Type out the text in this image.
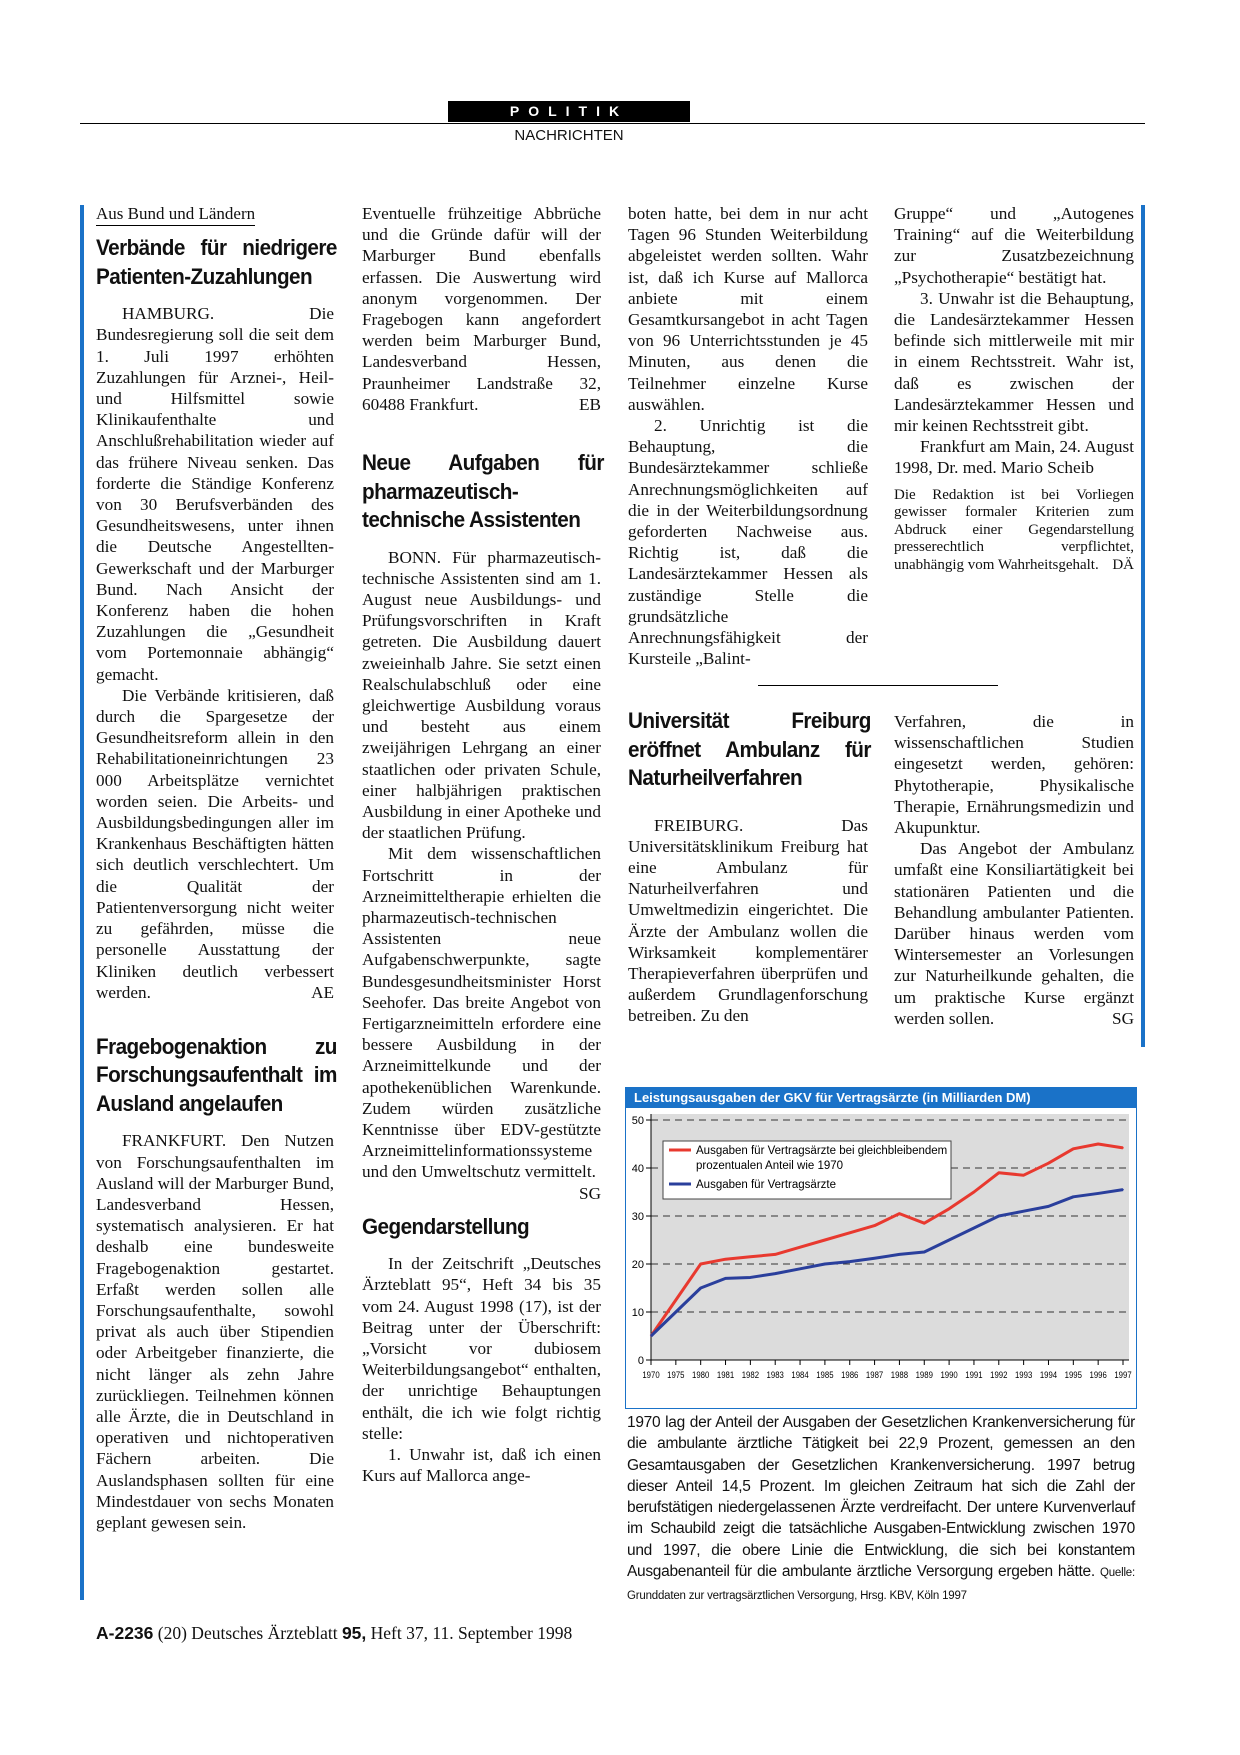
POLITIK
NACHRICHTEN
Aus Bund und Ländern
Verbände für niedrigere Patienten-Zuzahlungen

HAMBURG. Die Bundesregierung soll die seit dem 1. Juli 1997 erhöhten Zuzahlungen für Arznei-, Heil- und Hilfsmittel sowie Klinikaufenthalte und Anschlußrehabilitation wieder auf das frühere Niveau senken. Das forderte die Ständige Konferenz von 30 Berufsverbänden des Gesundheitswesens, unter ihnen die Deutsche Angestellten-Gewerkschaft und der Marburger Bund. Nach Ansicht der Konferenz haben die hohen Zuzahlungen die „Gesundheit vom Portemonnaie abhängig“ gemacht.

Die Verbände kritisieren, daß durch die Spargesetze der Gesundheitsreform allein in den Rehabilitationeinrichtungen 23 000 Arbeitsplätze vernichtet worden seien. Die Arbeits- und Ausbildungsbedingungen aller im Krankenhaus Beschäftigten hätten sich deutlich verschlechtert. Um die Qualität der Patientenversorgung nicht weiter zu gefährden, müsse die personelle Ausstattung der Kliniken deutlich verbessert werden.	AE

Fragebogenaktion zu Forschungsaufenthalt im Ausland angelaufen

FRANKFURT. Den Nutzen von Forschungsaufenthalten im Ausland will der Marburger Bund, Landesverband Hessen, systematisch analysieren. Er hat deshalb eine bundesweite Fragebogenaktion gestartet. Erfaßt werden sollen alle Forschungsaufenthalte, sowohl privat als auch über Stipendien oder Arbeitgeber finanzierte, die nicht länger als zehn Jahre zurückliegen. Teilnehmen können alle Ärzte, die in Deutschland in operativen und nichtoperativen Fächern arbeiten. Die Auslandsphasen sollten für eine Mindestdauer von sechs Monaten geplant gewesen sein.

Eventuelle frühzeitige Abbrüche und die Gründe dafür will der Marburger Bund ebenfalls erfassen. Die Auswertung wird anonym vorgenommen. Der Fragebogen kann angefordert werden beim Marburger Bund, Landesverband Hessen, Praunheimer Landstraße 32, 60488 Frankfurt.	EB

Neue Aufgaben für pharmazeutisch-technische Assistenten

BONN. Für pharmazeutisch-technische Assistenten sind am 1. August neue Ausbildungs- und Prüfungsvorschriften in Kraft getreten. Die Ausbildung dauert zweieinhalb Jahre. Sie setzt einen Realschulabschluß oder eine gleichwertige Ausbildung voraus und besteht aus einem zweijährigen Lehrgang an einer staatlichen oder privaten Schule, einer halbjährigen praktischen Ausbildung in einer Apotheke und der staatlichen Prüfung.

Mit dem wissenschaftlichen Fortschritt in der Arzneimitteltherapie erhielten die pharmazeutisch-technischen Assistenten neue Aufgabenschwerpunkte, sagte Bundesgesundheitsminister Horst Seehofer. Das breite Angebot von Fertigarzneimitteln erfordere eine bessere Ausbildung in der Arzneimittelkunde und der apothekenüblichen Warenkunde. Zudem würden zusätzliche Kenntnisse über EDV-gestützte Arzneimittelinformationssysteme und den Umweltschutz vermittelt.
SG

Gegendarstellung

In der Zeitschrift „Deutsches Ärzteblatt 95“, Heft 34 bis 35 vom 24. August 1998 (17), ist der Beitrag unter der Überschrift: „Vorsicht vor dubiosem Weiterbildungsangebot“ enthalten, der unrichtige Behauptungen enthält, die ich wie folgt richtig stelle:

1. Unwahr ist, daß ich einen Kurs auf Mallorca ange-

boten hatte, bei dem in nur acht Tagen 96 Stunden Weiterbildung abgeleistet werden sollten. Wahr ist, daß ich Kurse auf Mallorca anbiete mit einem Gesamtkursangebot in acht Tagen von 96 Unterrichtsstunden je 45 Minuten, aus denen die Teilnehmer einzelne Kurse auswählen.

2. Unrichtig ist die Behauptung, die Bundesärztekammer schließe Anrechnungsmöglichkeiten auf die in der Weiterbildungsordnung geforderten Nachweise aus. Richtig ist, daß die Landesärztekammer Hessen als zuständige Stelle die grundsätzliche Anrechnungsfähigkeit der Kursteile „Balint-

Gruppe“ und „Autogenes Training“ auf die Weiterbildung zur Zusatzbezeichnung „Psychotherapie“ bestätigt hat.

3. Unwahr ist die Behauptung, die Landesärztekammer Hessen befinde sich mittlerweile mit mir in einem Rechtsstreit. Wahr ist, daß es zwischen der Landesärztekammer Hessen und mir keinen Rechtsstreit gibt.

Frankfurt am Main, 24. August 1998, Dr. med. Mario Scheib

Die Redaktion ist bei Vorliegen gewisser formaler Kriterien zum Abdruck einer Gegendarstellung presserechtlich verpflichtet, unabhängig vom Wahrheitsgehalt. DÄ
Universität Freiburg eröffnet Ambulanz für Naturheilverfahren

FREIBURG. Das Universitätsklinikum Freiburg hat eine Ambulanz für Naturheilverfahren und Umweltmedizin eingerichtet. Die Ärzte der Ambulanz wollen die Wirksamkeit komplementärer Therapieverfahren überprüfen und außerdem Grundlagenforschung betreiben. Zu den

Verfahren, die in wissenschaftlichen Studien eingesetzt werden, gehören: Phytotherapie, Physikalische Therapie, Ernährungsmedizin und Akupunktur.

Das Angebot der Ambulanz umfaßt eine Konsiliartätigkeit bei stationären Patienten und die Behandlung ambulanter Patienten. Darüber hinaus werden vom Wintersemester an Vorlesungen zur Naturheilkunde gehalten, die um praktische Kurse ergänzt werden sollen.	SG

Leistungsausgaben der GKV für Vertragsärzte (in Milliarden DM)
0
10
20
30
40
50
1970 1975 1980 1981 1982 1983 1984 1985 1986 1987 1988 1989 1990 1991 1992 1993 1994 1995 1996 1997
Ausgaben für Vertragsärzte bei gleichbleibendem
prozentualen Anteil wie 1970
Ausgaben für Vertragsärzte
1970 lag der Anteil der Ausgaben der Gesetzlichen Krankenversicherung für die ambulante ärztliche Tätigkeit bei 22,9 Prozent, gemessen an den Gesamtausgaben der Gesetzlichen Krankenversicherung. 1997 betrug dieser Anteil 14,5 Prozent. Im gleichen Zeitraum hat sich die Zahl der berufstätigen niedergelassenen Ärzte verdreifacht. Der untere Kurvenverlauf im Schaubild zeigt die tatsächliche Ausgaben-Entwicklung zwischen 1970 und 1997, die obere Linie die Entwicklung, die sich bei konstantem Ausgabenanteil für die ambulante ärztliche Versorgung ergeben hätte. Quelle: Grunddaten zur vertragsärztlichen Versorgung, Hrsg. KBV, Köln 1997
A-2236 (20) Deutsches Ärzteblatt 95, Heft 37, 11. September 1998
